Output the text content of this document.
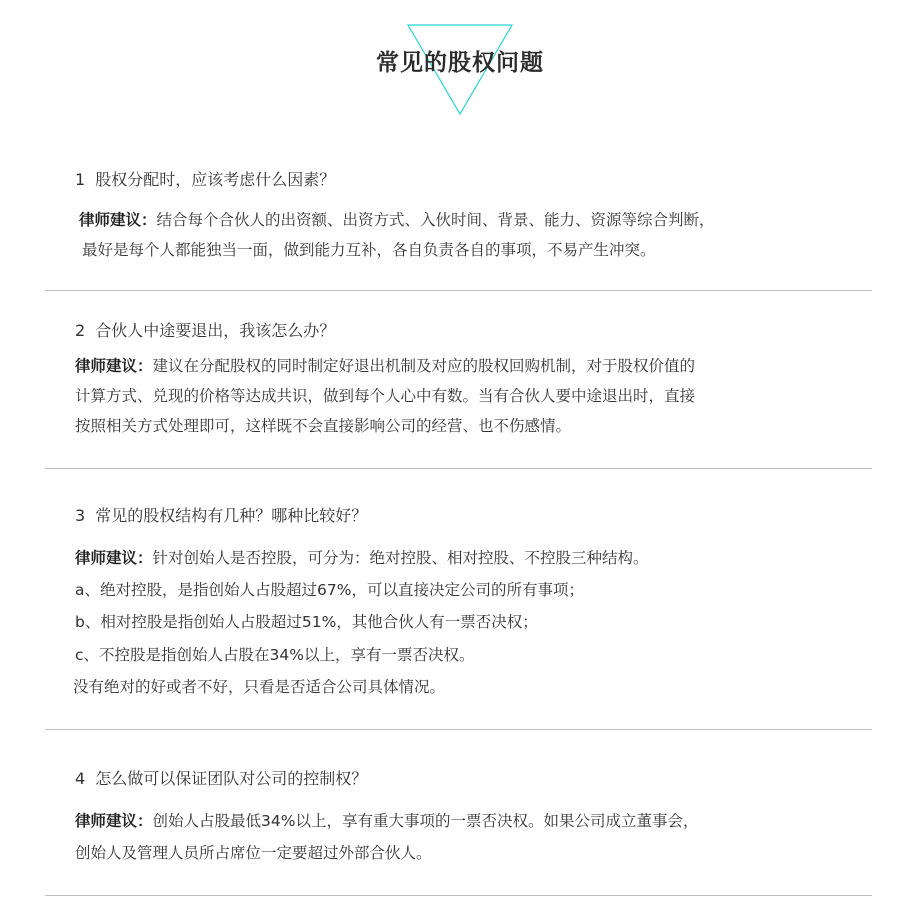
常见的股权问题
1 股权分配时，应该考虑什么因素？
律师建议：结合每个合伙人的出资额、出资方式、入伙时间、背景、能力、资源等综合判断，
最好是每个人都能独当一面，做到能力互补，各自负责各自的事项，不易产生冲突。
2 合伙人中途要退出，我该怎么办？
律师建议：建议在分配股权的同时制定好退出机制及对应的股权回购机制，对于股权价值的
计算方式、兑现的价格等达成共识，做到每个人心中有数。当有合伙人要中途退出时，直接
按照相关方式处理即可，这样既不会直接影响公司的经营、也不伤感情。
3 常见的股权结构有几种？哪种比较好？
律师建议：针对创始人是否控股，可分为：绝对控股、相对控股、不控股三种结构。
a、绝对控股，是指创始人占股超过67%，可以直接决定公司的所有事项；
b、相对控股是指创始人占股超过51%，其他合伙人有一票否决权；
c、不控股是指创始人占股在34%以上，享有一票否决权。
没有绝对的好或者不好，只看是否适合公司具体情况。
4 怎么做可以保证团队对公司的控制权？
律师建议：创始人占股最低34%以上，享有重大事项的一票否决权。如果公司成立董事会，
创始人及管理人员所占席位一定要超过外部合伙人。
